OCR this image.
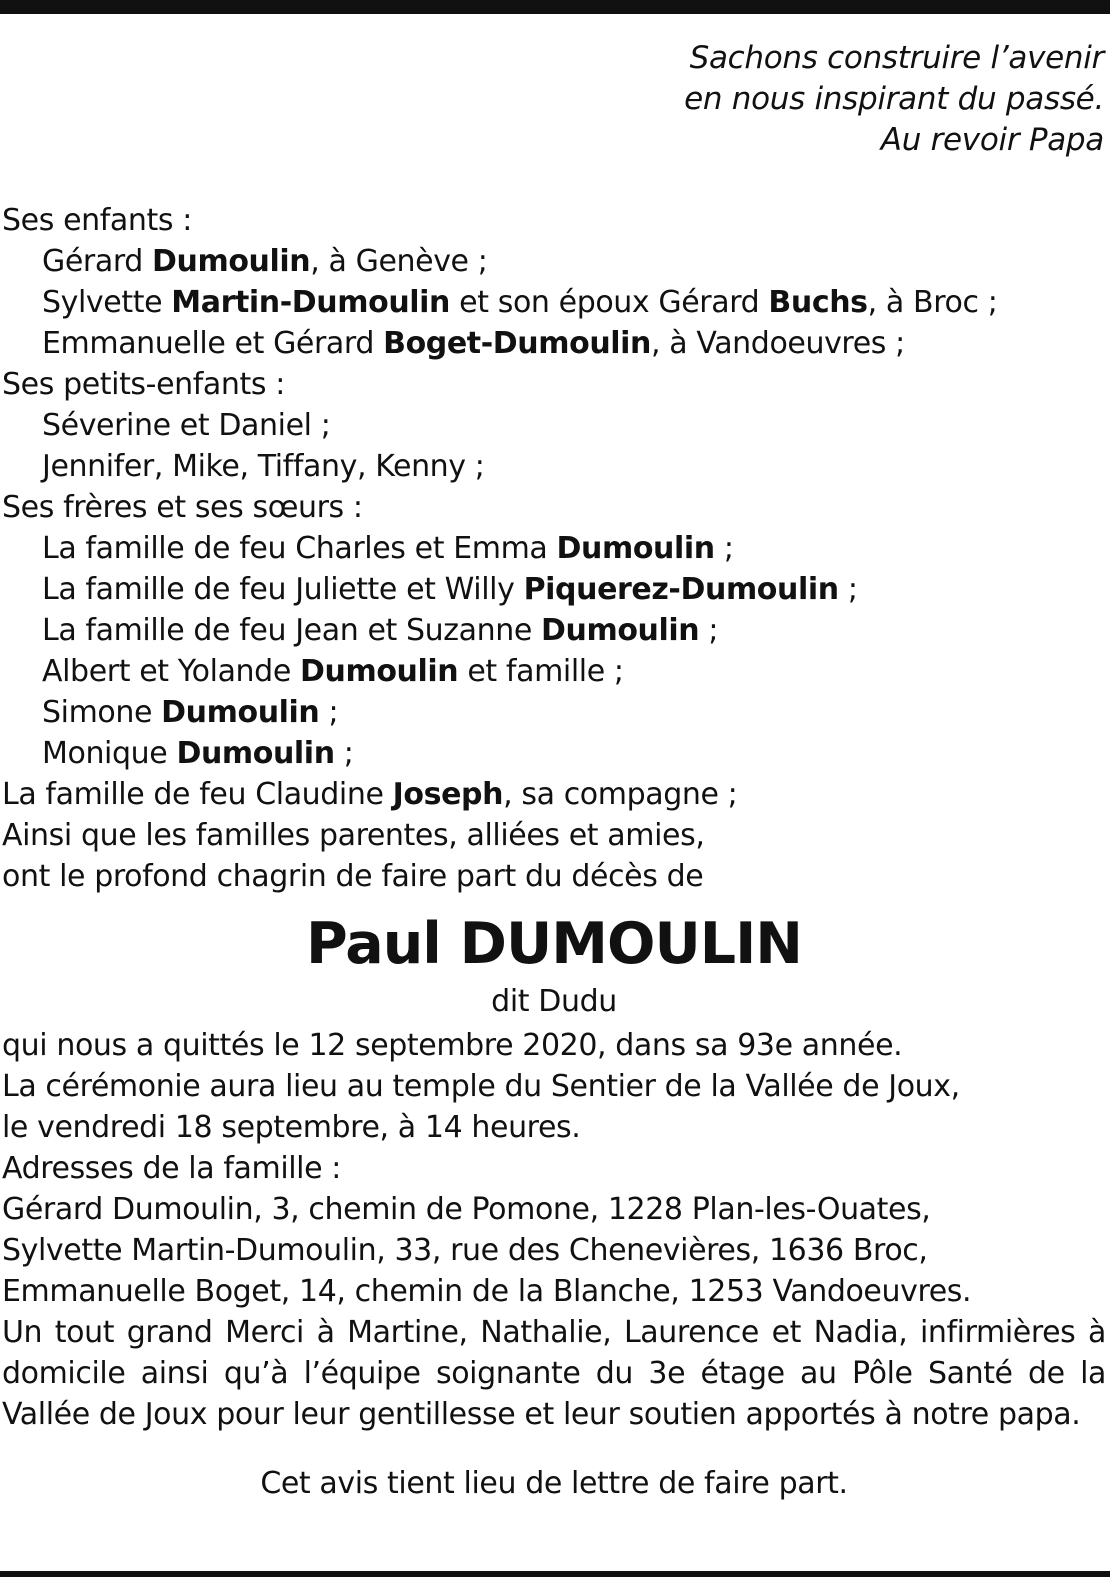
Sachons construire l’avenir
en nous inspirant du passé.
Au revoir Papa
Ses enfants :
Gérard Dumoulin, à Genève ;
Sylvette Martin-Dumoulin et son époux Gérard Buchs, à Broc ;
Emmanuelle et Gérard Boget-Dumoulin, à Vandoeuvres ;
Ses petits-enfants :
Séverine et Daniel ;
Jennifer, Mike, Tiffany, Kenny ;
Ses frères et ses sœurs :
La famille de feu Charles et Emma Dumoulin ;
La famille de feu Juliette et Willy Piquerez-Dumoulin ;
La famille de feu Jean et Suzanne Dumoulin ;
Albert et Yolande Dumoulin et famille ;
Simone Dumoulin ;
Monique Dumoulin ;
La famille de feu Claudine Joseph, sa compagne ;
Ainsi que les familles parentes, alliées et amies,
ont le profond chagrin de faire part du décès de
Paul DUMOULIN
dit Dudu
qui nous a quittés le 12 septembre 2020, dans sa 93e année.
La cérémonie aura lieu au temple du Sentier de la Vallée de Joux,
le vendredi 18 septembre, à 14 heures.
Adresses de la famille :
Gérard Dumoulin, 3, chemin de Pomone, 1228 Plan-les-Ouates,
Sylvette Martin-Dumoulin, 33, rue des Chenevières, 1636 Broc,
Emmanuelle Boget, 14, chemin de la Blanche, 1253 Vandoeuvres.
Un tout grand Merci à Martine, Nathalie, Laurence et Nadia, infirmières à domicile ainsi qu’à l’équipe soignante du 3e étage au Pôle Santé de la Vallée de Joux pour leur gentillesse et leur soutien apportés à notre papa.
Cet avis tient lieu de lettre de faire part.
